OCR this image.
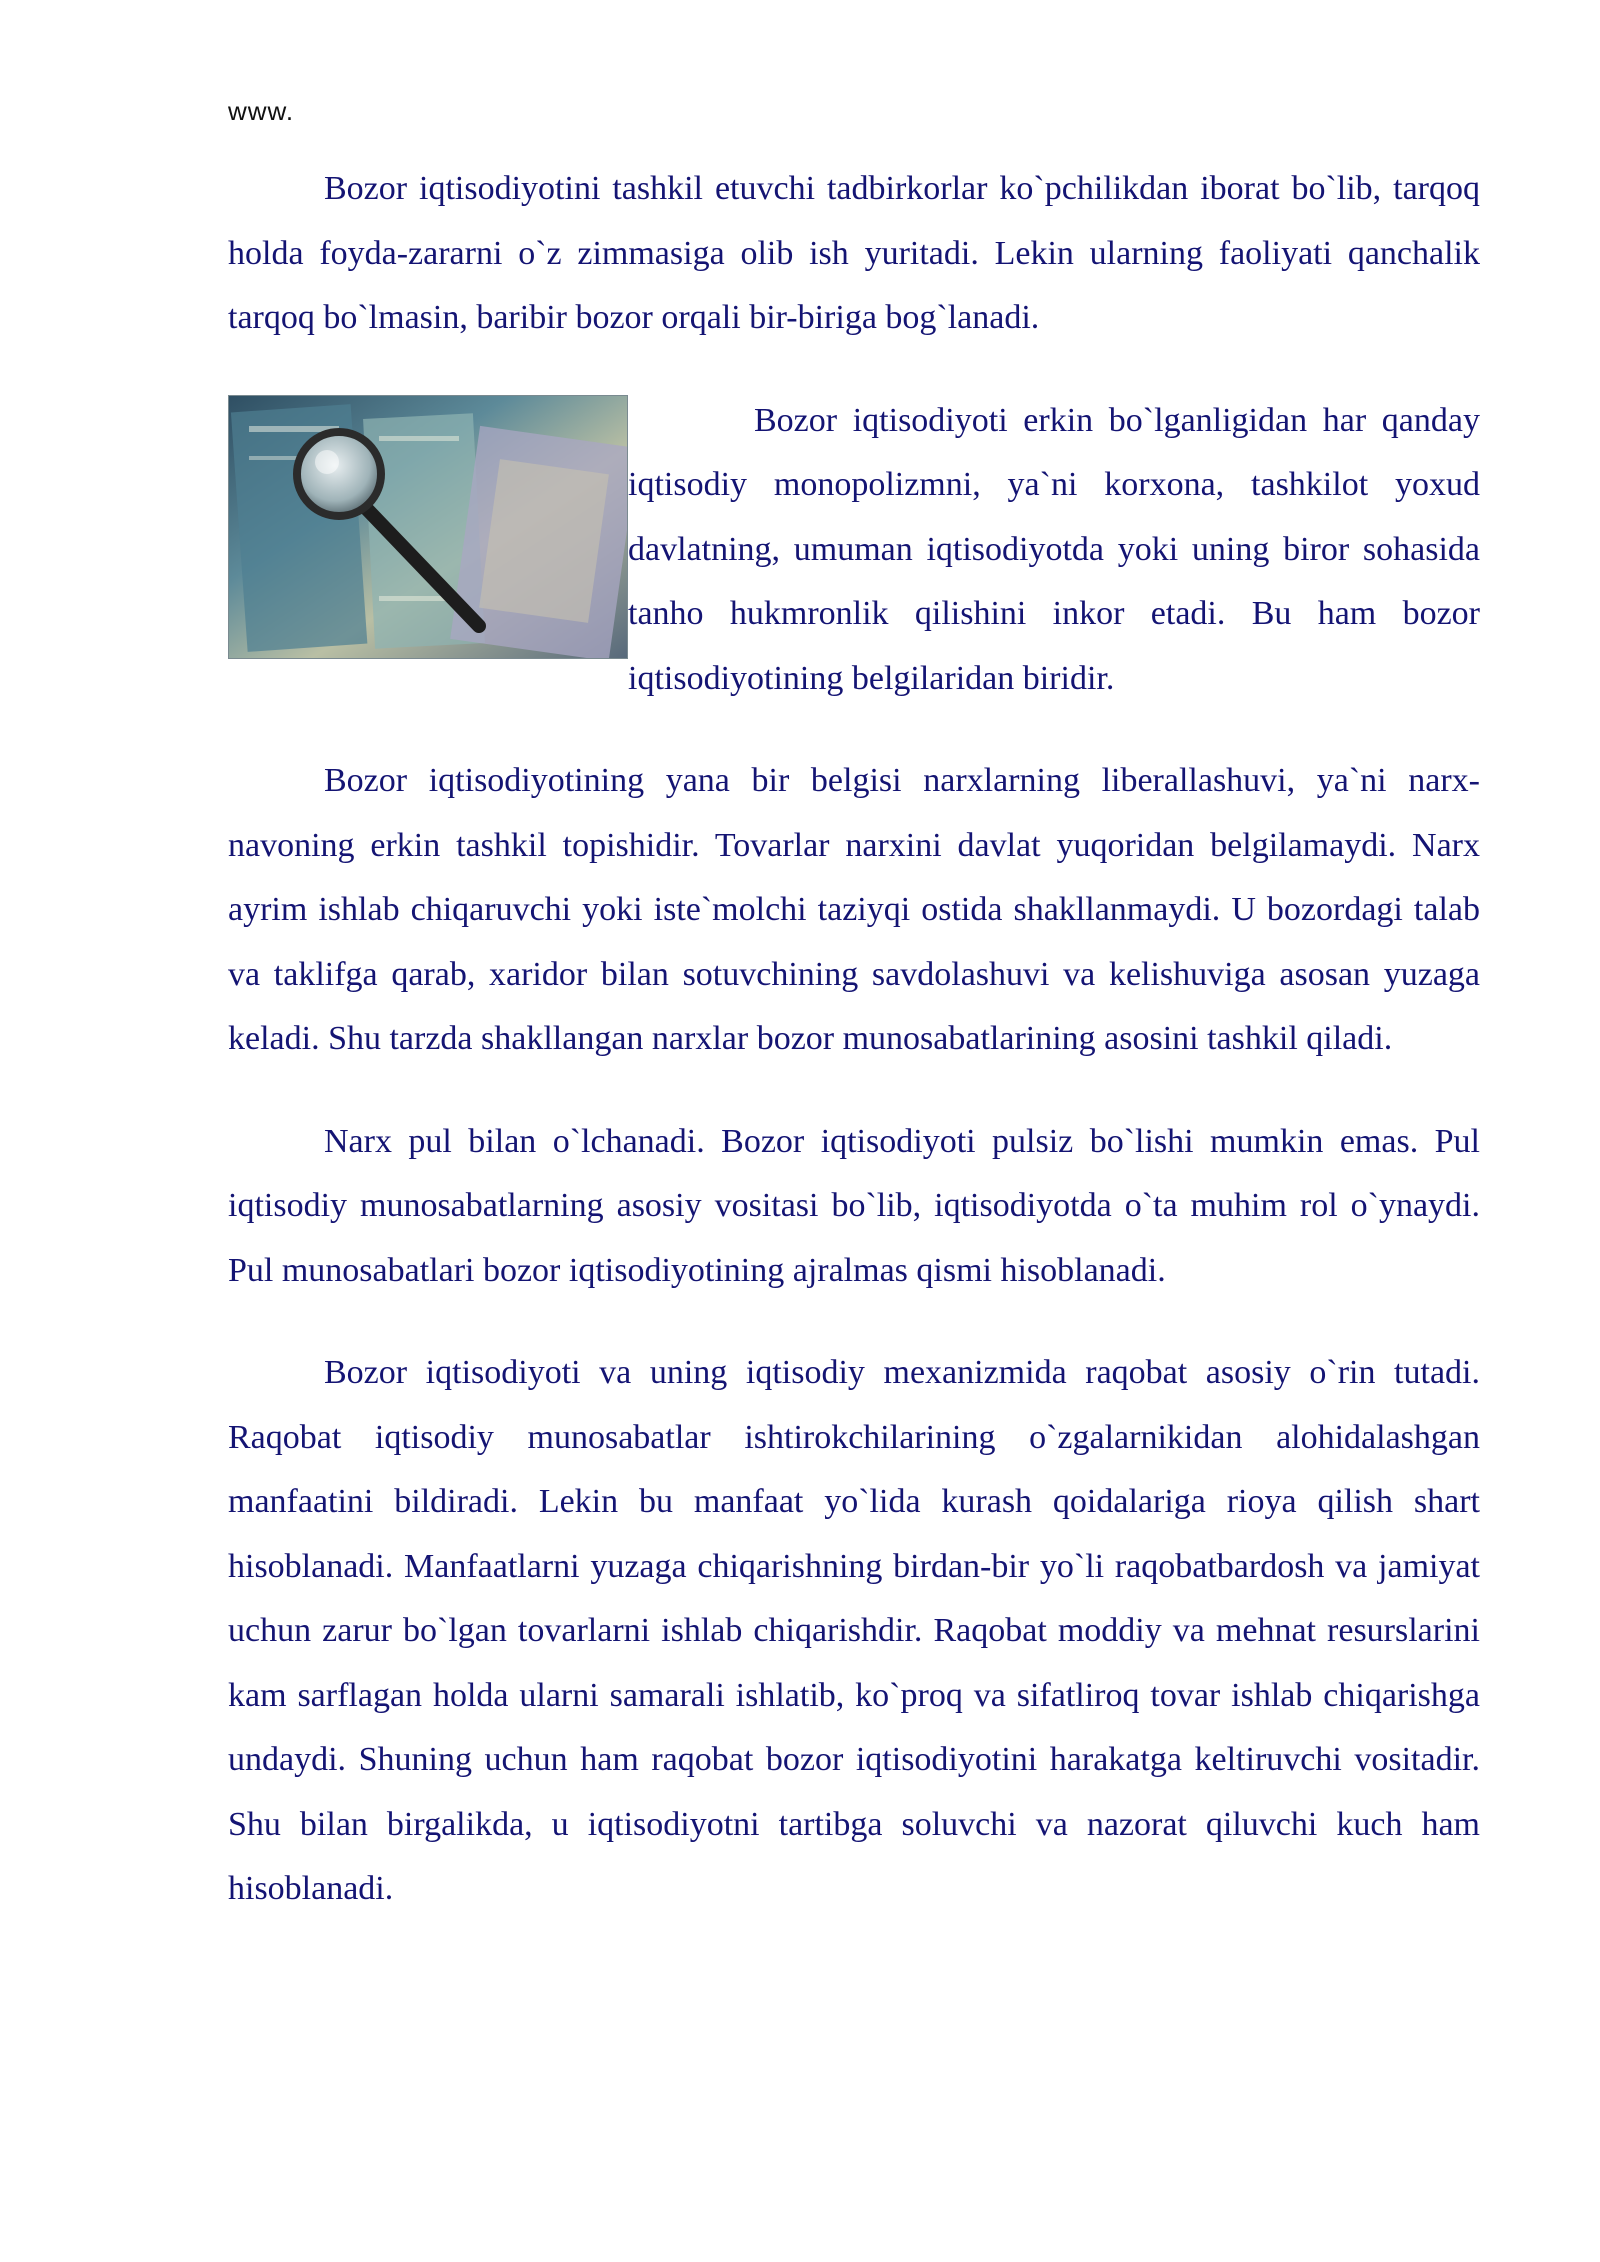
www.

Bozor iqtisodiyotini tashkil etuvchi tadbirkorlar ko`pchilikdan iborat bo`lib, tarqoq holda foyda-zararni o`z zimmasiga olib ish yuritadi. Lekin ularning faoliyati qanchalik tarqoq bo`lmasin, baribir bozor orqali bir-biriga bog`lanadi.

Bozor iqtisodiyoti erkin bo`lganligidan har qanday iqtisodiy monopolizmni, ya`ni korxona, tashkilot yoxud davlatning, umuman iqtisodiyotda yoki uning biror sohasida tanho hukmronlik qilishini inkor etadi. Bu ham bozor iqtisodiyotining belgilaridan biridir.

Bozor iqtisodiyotining yana bir belgisi narxlarning liberallashuvi, ya`ni narx-navoning erkin tashkil topishidir. Tovarlar narxini davlat yuqoridan belgilamaydi. Narx ayrim ishlab chiqaruvchi yoki iste`molchi taziyqi ostida shakllanmaydi. U bozordagi talab va taklifga qarab, xaridor bilan sotuvchining savdolashuvi va kelishuviga asosan yuzaga keladi. Shu tarzda shakllangan narxlar bozor munosabatlarining asosini tashkil qiladi.

Narx pul bilan o`lchanadi. Bozor iqtisodiyoti pulsiz bo`lishi mumkin emas. Pul iqtisodiy munosabatlarning asosiy vositasi bo`lib, iqtisodiyotda o`ta muhim rol o`ynaydi. Pul munosabatlari bozor iqtisodiyotining ajralmas qismi hisoblanadi.

Bozor iqtisodiyoti va uning iqtisodiy mexanizmida raqobat asosiy o`rin tutadi. Raqobat iqtisodiy munosabatlar ishtirokchilarining o`zgalarnikidan alohidalashgan manfaatini bildiradi. Lekin bu manfaat yo`lida kurash qoidalariga rioya qilish shart hisoblanadi. Manfaatlarni yuzaga chiqarishning birdan-bir yo`li raqobatbardosh va jamiyat uchun zarur bo`lgan tovarlarni ishlab chiqarishdir. Raqobat moddiy va mehnat resurslarini kam sarflagan holda ularni samarali ishlatib, ko`proq va sifatliroq tovar ishlab chiqarishga undaydi. Shuning uchun ham raqobat bozor iqtisodiyotini harakatga keltiruvchi vositadir. Shu bilan birgalikda, u iqtisodiyotni tartibga soluvchi va nazorat qiluvchi kuch ham hisoblanadi.
